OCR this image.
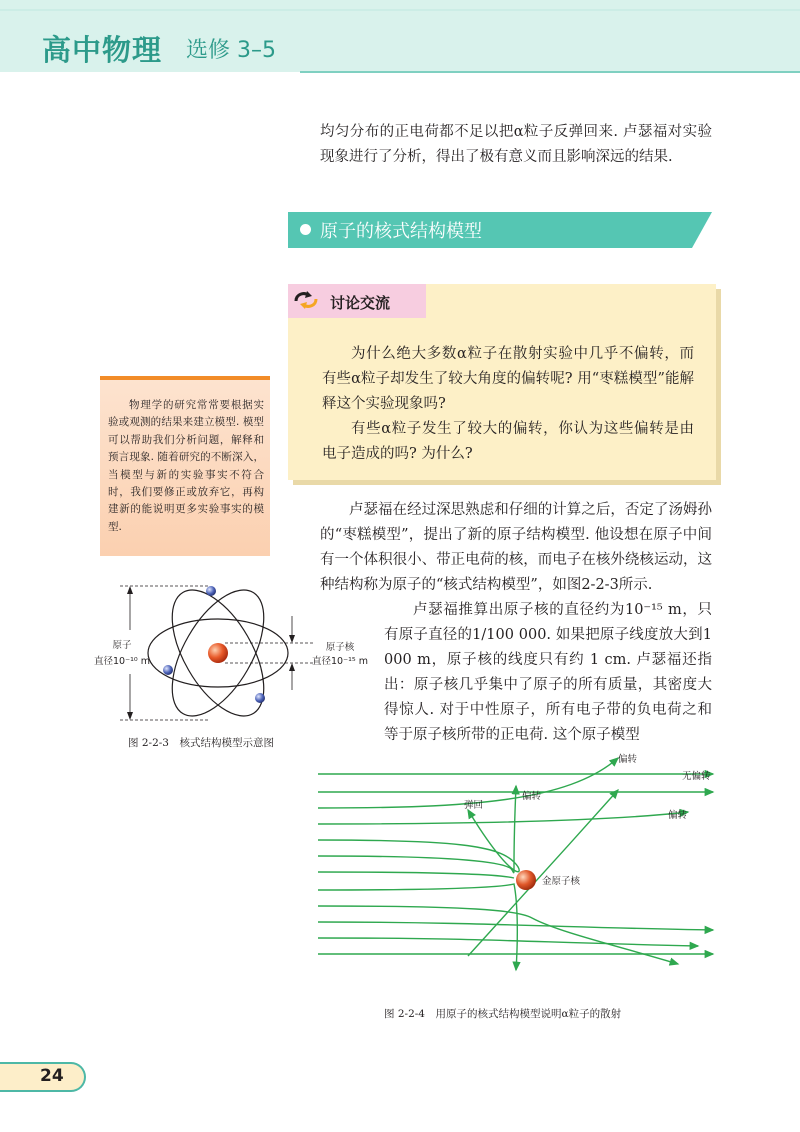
高中物理 选修 3–5
均匀分布的正电荷都不足以把α粒子反弹回来. 卢瑟福对实验现象进行了分析，得出了极有意义而且影响深远的结果.
原子的核式结构模型
讨论交流

为什么绝大多数α粒子在散射实验中几乎不偏转，而有些α粒子却发生了较大角度的偏转呢? 用“枣糕模型”能解释这个实验现象吗?

有些α粒子发生了较大的偏转，你认为这些偏转是由电子造成的吗? 为什么?

物理学的研究常常要根据实验或观测的结果来建立模型. 模型可以帮助我们分析问题，解释和预言现象. 随着研究的不断深入，当模型与新的实验事实不符合时，我们要修正或放弃它，再构建新的能说明更多实验事实的模型.
卢瑟福在经过深思熟虑和仔细的计算之后，否定了汤姆孙的“枣糕模型”，提出了新的原子结构模型. 他设想在原子中间有一个体积很小、带正电荷的核，而电子在核外绕核运动，这种结构称为原子的“核式结构模型”，如图2-2-3所示.
卢瑟福推算出原子核的直径约为10⁻¹⁵ m，只有原子直径的1/100 000. 如果把原子线度放大到1 000 m，原子核的线度只有约 1 cm. 卢瑟福还指出：原子核几乎集中了原子的所有质量，其密度大得惊人. 对于中性原子，所有电子带的负电荷之和等于原子核所带的正电荷. 这个原子模型
原子
直径10⁻¹⁰ m
原子核
直径10⁻¹⁵ m
图 2-2-3　核式结构模型示意图
偏转
无偏转
偏转
弹回
偏转
金原子核
图 2-2-4　用原子的核式结构模型说明α粒子的散射
24
